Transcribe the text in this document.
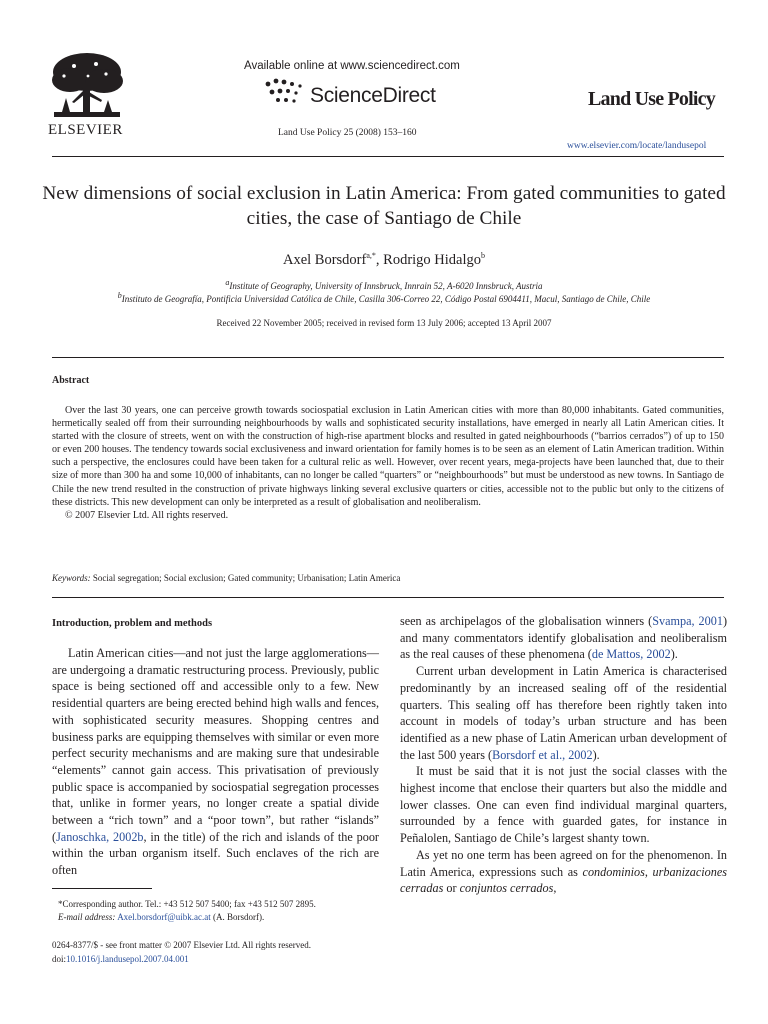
ELSEVIER
Available online at www.sciencedirect.com
ScienceDirect
Land Use Policy 25 (2008) 153–160
Land Use Policy
www.elsevier.com/locate/landusepol
New dimensions of social exclusion in Latin America: From gated communities to gated cities, the case of Santiago de Chile
Axel Borsdorf$^{a,*}$, Rodrigo Hidalgo$^b$
$^a$Institute of Geography, University of Innsbruck, Innrain 52, A-6020 Innsbruck, Austria
$^b$Instituto de Geografía, Pontificia Universidad Católica de Chile, Casilla 306-Correo 22, Código Postal 6904411, Macul, Santiago de Chile, Chile
Received 22 November 2005; received in revised form 13 July 2006; accepted 13 April 2007
Abstract

Over the last 30 years, one can perceive growth towards sociospatial exclusion in Latin American cities with more than 80,000 inhabitants. Gated communities, hermetically sealed off from their surrounding neighbourhoods by walls and sophisticated security installations, have emerged in nearly all Latin American cities. It started with the closure of streets, went on with the construction of high-rise apartment blocks and resulted in gated neighbourhoods (“barrios cerrados”) of up to 150 or even 200 houses. The tendency towards social exclusiveness and inward orientation for family homes is to be seen as an element of Latin American tradition. Within such a perspective, the enclosures could have been taken for a cultural relic as well. However, over recent years, mega-projects have been launched that, due to their size of more than 300 ha and some 10,000 of inhabitants, can no longer be called “quarters” or “neighbourhoods” but must be understood as new towns. In Santiago de Chile the new trend resulted in the construction of private highways linking several exclusive quarters or cities, accessible not to the public but only to the citizens of these districts. This new development can only be interpreted as a result of globalisation and neoliberalism.

© 2007 Elsevier Ltd. All rights reserved.

Keywords: Social segregation; Social exclusion; Gated community; Urbanisation; Latin America
Introduction, problem and methods

Latin American cities—and not just the large agglomerations—are undergoing a dramatic restructuring process. Previously, public space is being sectioned off and accessible only to a few. New residential quarters are being erected behind high walls and fences, with sophisticated security measures. Shopping centres and business parks are equipping themselves with similar or even more perfect security mechanisms and are making sure that undesirable “elements” cannot gain access. This privatisation of previously public space is accompanied by sociospatial segregation processes that, unlike in former years, no longer create a spatial divide between a “rich town” and a “poor town”, but rather “islands” (Janoschka, 2002b, in the title) of the rich and islands of the poor within the urban organism itself. Such enclaves of the rich are often

*Corresponding author. Tel.: +43 512 507 5400; fax +43 512 507 2895.
E-mail address: Axel.borsdorf@uibk.ac.at (A. Borsdorf).
0264-8377/$ - see front matter © 2007 Elsevier Ltd. All rights reserved.
doi:10.1016/j.landusepol.2007.04.001

seen as archipelagos of the globalisation winners (Svampa, 2001) and many commentators identify globalisation and neoliberalism as the real causes of these phenomena (de Mattos, 2002).

Current urban development in Latin America is characterised predominantly by an increased sealing off of the residential quarters. This sealing off has therefore been rightly taken into account in models of today’s urban structure and has been identified as a new phase of Latin American urban development of the last 500 years (Borsdorf et al., 2002).

It must be said that it is not just the social classes with the highest income that enclose their quarters but also the middle and lower classes. One can even find individual marginal quarters, surrounded by a fence with guarded gates, for instance in Peñalolen, Santiago de Chile’s largest shanty town.

As yet no one term has been agreed on for the phenomenon. In Latin America, expressions such as condominios, urbanizaciones cerradas or conjuntos cerrados,
